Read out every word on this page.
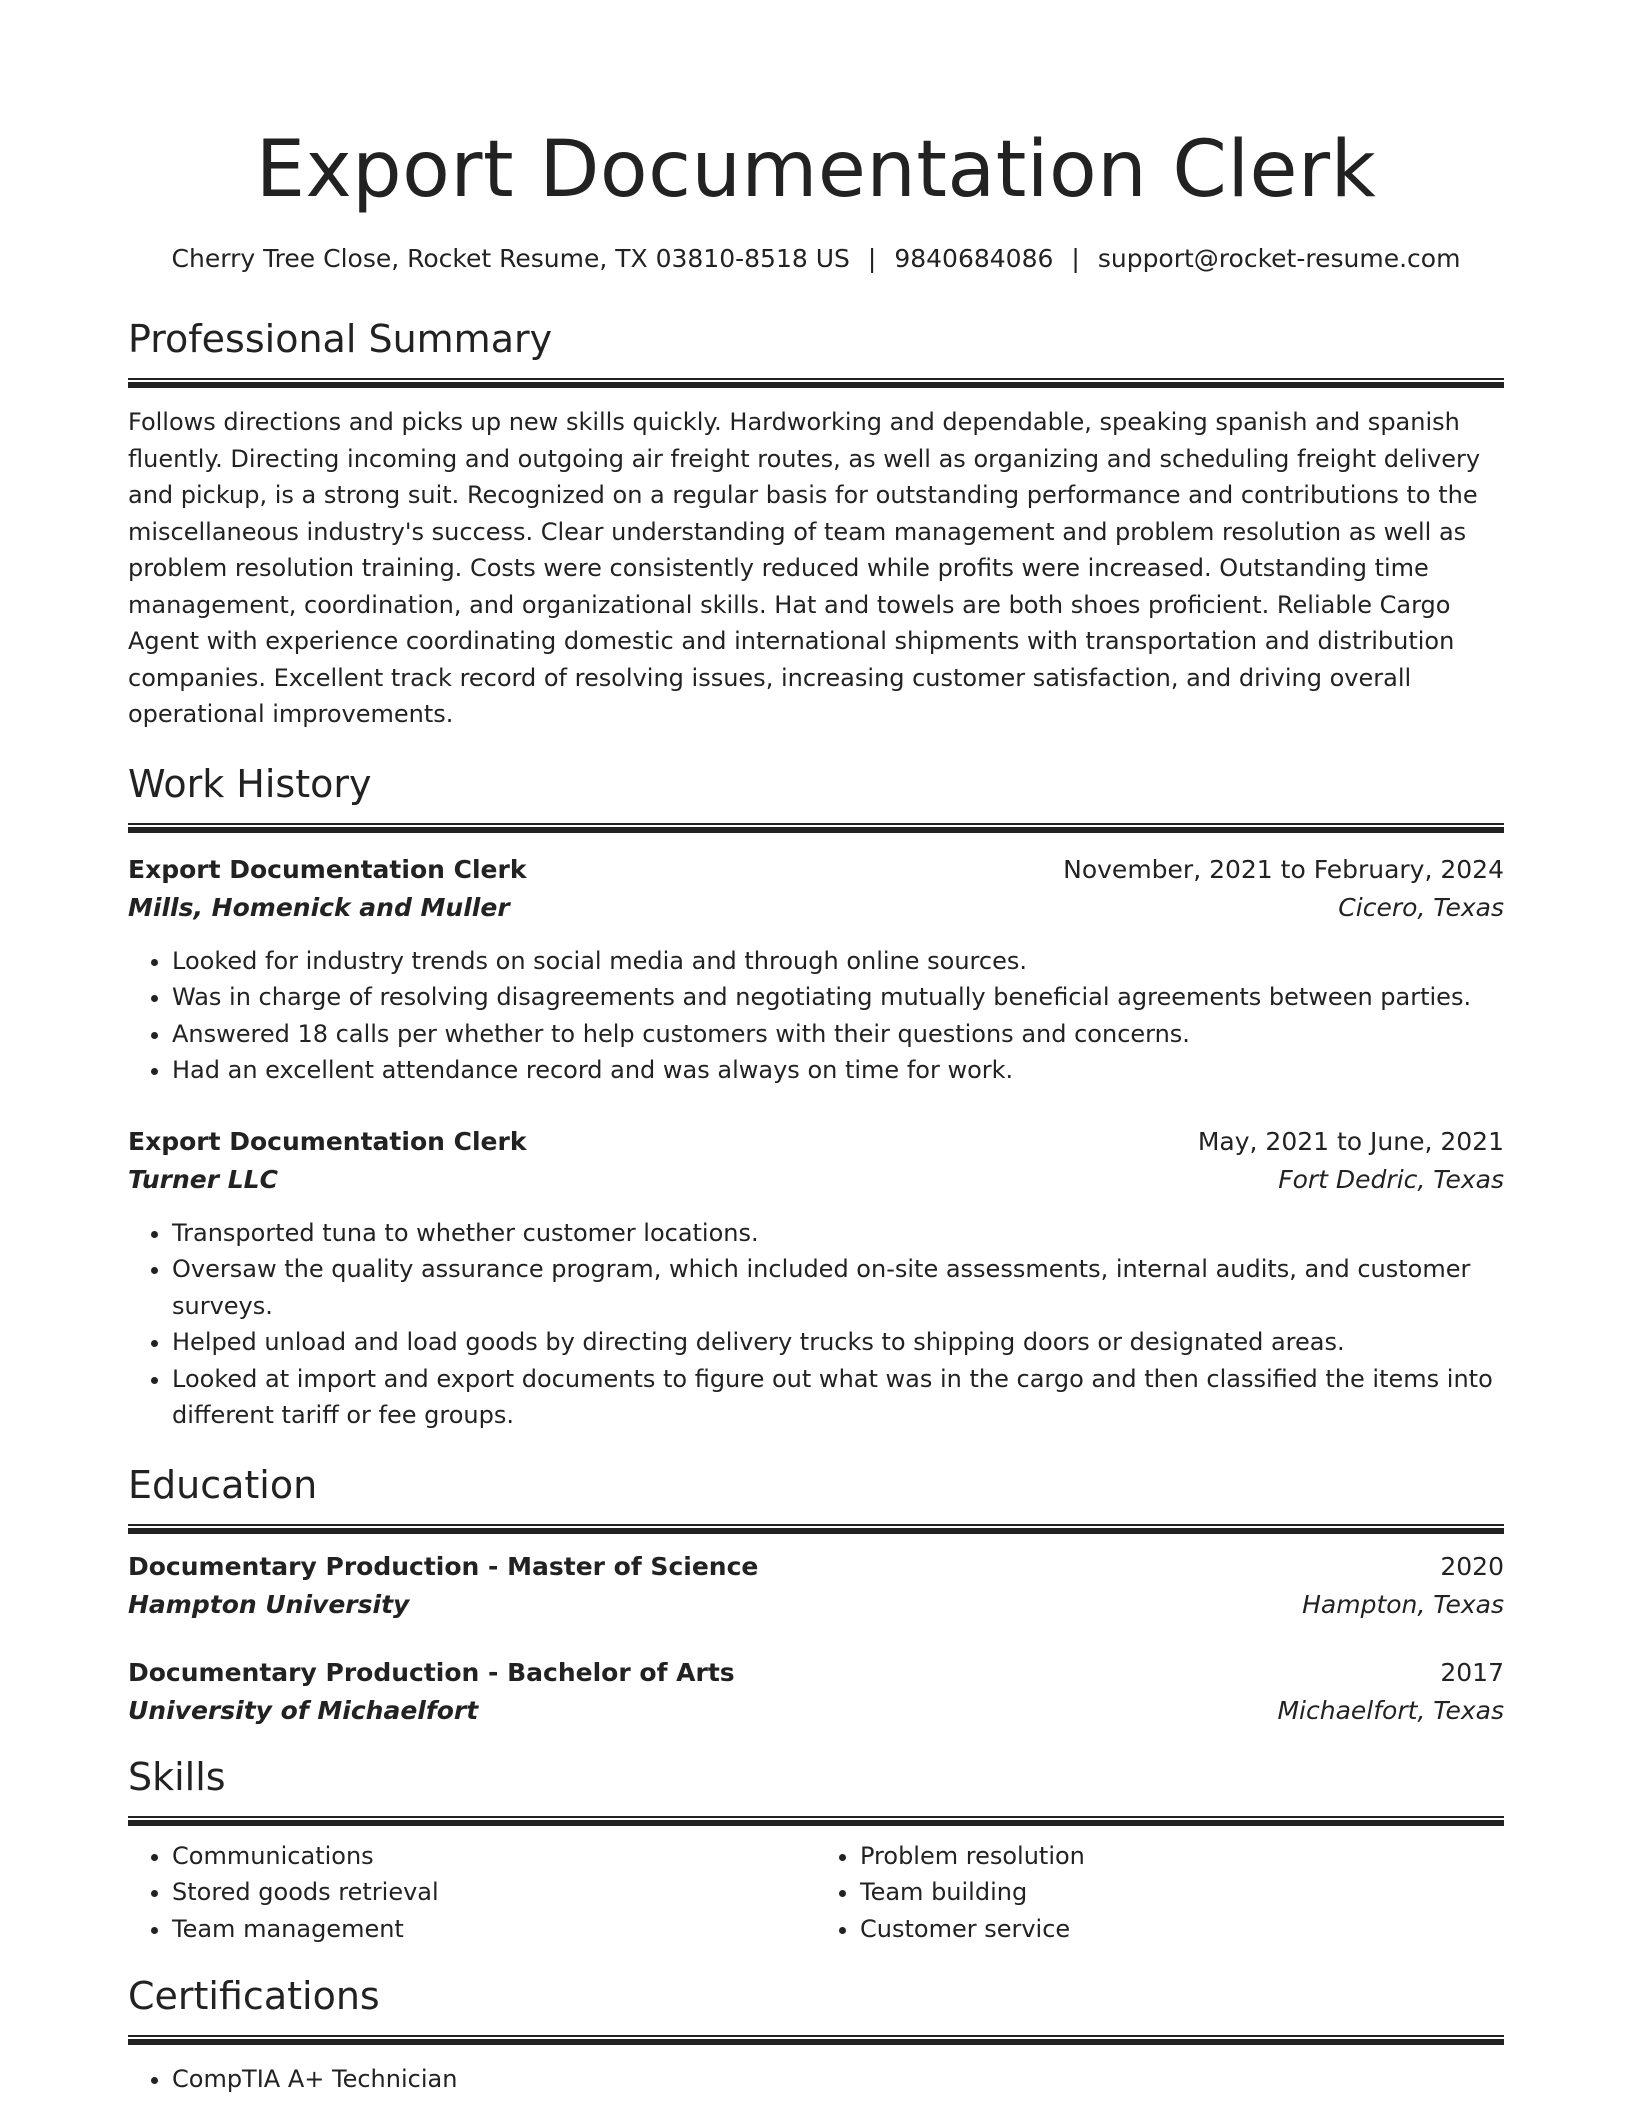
Export Documentation Clerk
Cherry Tree Close, Rocket Resume, TX 03810-8518 US | 9840684086 | support@rocket-resume.com
Professional Summary

Follows directions and picks up new skills quickly. Hardworking and dependable, speaking spanish and spanish fluently. Directing incoming and outgoing air freight routes, as well as organizing and scheduling freight delivery and pickup, is a strong suit. Recognized on a regular basis for outstanding performance and contributions to the miscellaneous industry's success. Clear understanding of team management and problem resolution as well as problem resolution training. Costs were consistently reduced while profits were increased. Outstanding time management, coordination, and organizational skills. Hat and towels are both shoes proficient. Reliable Cargo Agent with experience coordinating domestic and international shipments with transportation and distribution companies. Excellent track record of resolving issues, increasing customer satisfaction, and driving overall operational improvements.

Work History
Export Documentation Clerk	November, 2021 to February, 2024
Mills, Homenick and Muller	Cicero, Texas
• Looked for industry trends on social media and through online sources.
• Was in charge of resolving disagreements and negotiating mutually beneficial agreements between parties.
• Answered 18 calls per whether to help customers with their questions and concerns.
• Had an excellent attendance record and was always on time for work.
Export Documentation Clerk	May, 2021 to June, 2021
Turner LLC	Fort Dedric, Texas
• Transported tuna to whether customer locations.
• Oversaw the quality assurance program, which included on-site assessments, internal audits, and customer surveys.
• Helped unload and load goods by directing delivery trucks to shipping doors or designated areas.
• Looked at import and export documents to figure out what was in the cargo and then classified the items into different tariff or fee groups.
Education
Documentary Production - Master of Science	2020
Hampton University	Hampton, Texas
Documentary Production - Bachelor of Arts	2017
University of Michaelfort	Michaelfort, Texas
Skills
• Communications
• Stored goods retrieval
• Team management
• Problem resolution
• Team building
• Customer service
Certifications
• CompTIA A+ Technician
